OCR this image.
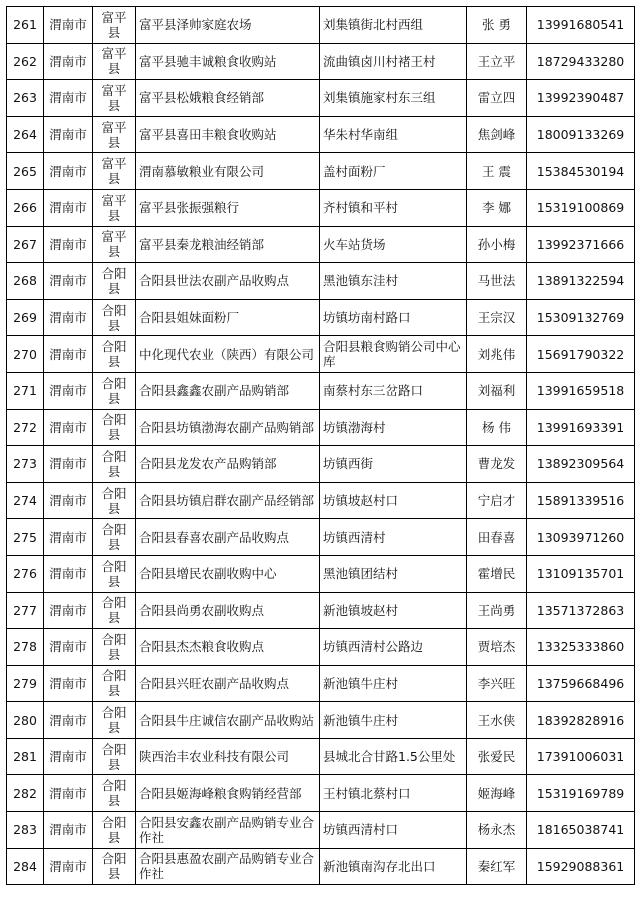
261	渭南市	富平县	富平县泽帅家庭农场	刘集镇街北村西组	张 勇	13991680541
262	渭南市	富平县	富平县驰丰诚粮食收购站	流曲镇卤川村褚王村	王立平	18729433280
263	渭南市	富平县	富平县松娥粮食经销部	刘集镇施家村东三组	雷立四	13992390487
264	渭南市	富平县	富平县喜田丰粮食收购站	华朱村华南组	焦剑峰	18009133269
265	渭南市	富平县	渭南慕敏粮业有限公司	盖村面粉厂	王 震	15384530194
266	渭南市	富平县	富平县张振强粮行	齐村镇和平村	李 娜	15319100869
267	渭南市	富平县	富平县秦龙粮油经销部	火车站货场	孙小梅	13992371666
268	渭南市	合阳县	合阳县世法农副产品收购点	黑池镇东洼村	马世法	13891322594
269	渭南市	合阳县	合阳县姐妹面粉厂	坊镇坊南村路口	王宗汉	15309132769
270	渭南市	合阳县	中化现代农业（陕西）有限公司	合阳县粮食购销公司中心库	刘兆伟	15691790322
271	渭南市	合阳县	合阳县鑫鑫农副产品购销部	南蔡村东三岔路口	刘福利	13991659518
272	渭南市	合阳县	合阳县坊镇渤海农副产品购销部	坊镇渤海村	杨 伟	13991693391
273	渭南市	合阳县	合阳县龙发农产品购销部	坊镇西街	曹龙发	13892309564
274	渭南市	合阳县	合阳县坊镇启群农副产品经销部	坊镇坡赵村口	宁启才	15891339516
275	渭南市	合阳县	合阳县春喜农副产品收购点	坊镇西清村	田春喜	13093971260
276	渭南市	合阳县	合阳县增民农副收购中心	黑池镇团结村	霍增民	13109135701
277	渭南市	合阳县	合阳县尚勇农副收购点	新池镇坡赵村	王尚勇	13571372863
278	渭南市	合阳县	合阳县杰杰粮食收购点	坊镇西清村公路边	贾培杰	13325333860
279	渭南市	合阳县	合阳县兴旺农副产品收购点	新池镇牛庄村	李兴旺	13759668496
280	渭南市	合阳县	合阳县牛庄诚信农副产品收购站	新池镇牛庄村	王水侠	18392828916
281	渭南市	合阳县	陕西治丰农业科技有限公司	县城北合甘路1.5公里处	张爱民	17391006031
282	渭南市	合阳县	合阳县姬海峰粮食购销经营部	王村镇北蔡村口	姬海峰	15319169789
283	渭南市	合阳县	合阳县安鑫农副产品购销专业合作社	坊镇西清村口	杨永杰	18165038741
284	渭南市	合阳县	合阳县惠盈农副产品购销专业合作社	新池镇南沟存北出口	秦红军	15929088361
